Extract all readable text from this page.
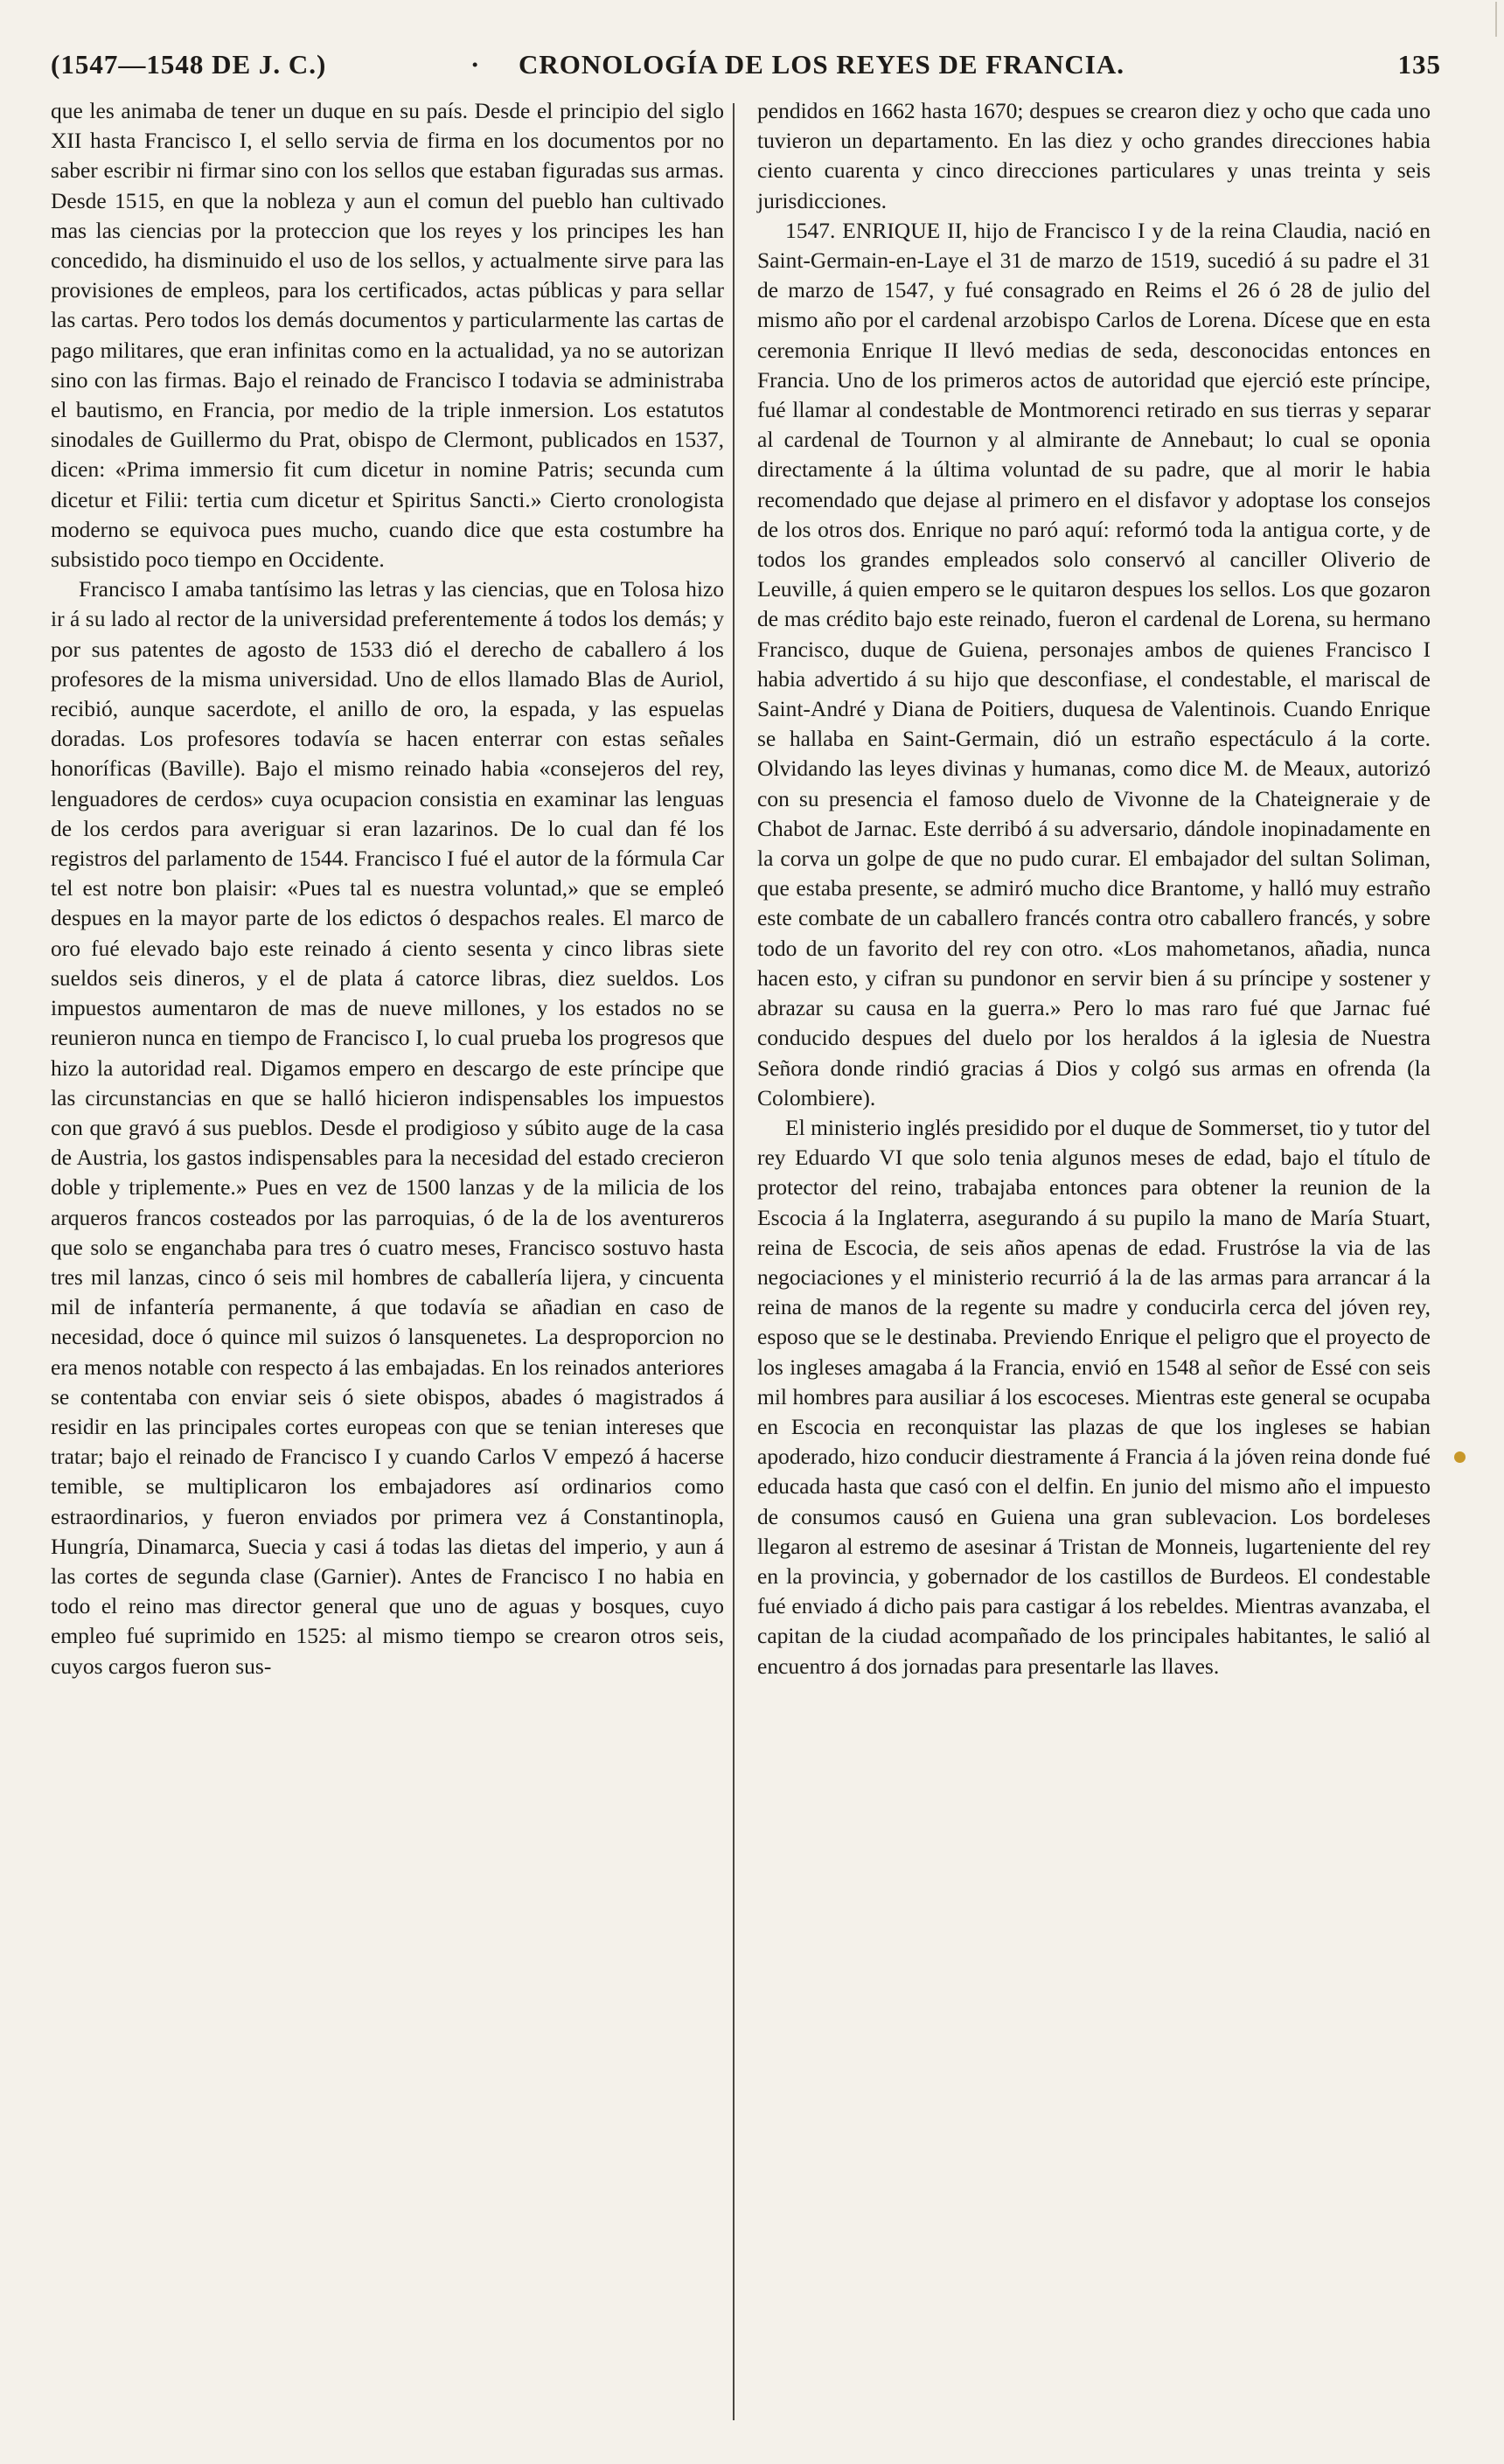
(1547—1548 DE J. C.)	· CRONOLOGÍA DE LOS REYES DE FRANCIA.	135

que les animaba de tener un duque en su país. Desde el principio del siglo XII hasta Francisco I, el sello servia de firma en los documentos por no saber escribir ni firmar sino con los sellos que estaban figuradas sus armas. Desde 1515, en que la nobleza y aun el comun del pueblo han cultivado mas las ciencias por la proteccion que los reyes y los principes les han concedido, ha disminuido el uso de los sellos, y actualmente sirve para las provisiones de empleos, para los certificados, actas públicas y para sellar las cartas. Pero todos los demás documentos y particularmente las cartas de pago militares, que eran infinitas como en la actualidad, ya no se autorizan sino con las firmas. Bajo el reinado de Francisco I todavia se administraba el bautismo, en Francia, por medio de la triple inmersion. Los estatutos sinodales de Guillermo du Prat, obispo de Clermont, publicados en 1537, dicen: «Prima immersio fit cum dicetur in nomine Patris; secunda cum dicetur et Filii: tertia cum dicetur et Spiritus Sancti.» Cierto cronologista moderno se equivoca pues mucho, cuando dice que esta costumbre ha subsistido poco tiempo en Occidente.

Francisco I amaba tantísimo las letras y las ciencias, que en Tolosa hizo ir á su lado al rector de la universidad preferentemente á todos los demás; y por sus patentes de agosto de 1533 dió el derecho de caballero á los profesores de la misma universidad. Uno de ellos llamado Blas de Auriol, recibió, aunque sacerdote, el anillo de oro, la espada, y las espuelas doradas. Los profesores todavía se hacen enterrar con estas señales honoríficas (Baville). Bajo el mismo reinado habia «consejeros del rey, lenguadores de cerdos» cuya ocupacion consistia en examinar las lenguas de los cerdos para averiguar si eran lazarinos. De lo cual dan fé los registros del parlamento de 1544. Francisco I fué el autor de la fórmula Car tel est notre bon plaisir: «Pues tal es nuestra voluntad,» que se empleó despues en la mayor parte de los edictos ó despachos reales. El marco de oro fué elevado bajo este reinado á ciento sesenta y cinco libras siete sueldos seis dineros, y el de plata á catorce libras, diez sueldos. Los impuestos aumentaron de mas de nueve millones, y los estados no se reunieron nunca en tiempo de Francisco I, lo cual prueba los progresos que hizo la autoridad real. Digamos empero en descargo de este príncipe que las circunstancias en que se halló hicieron indispensables los impuestos con que gravó á sus pueblos. Desde el prodigioso y súbito auge de la casa de Austria, los gastos indispensables para la necesidad del estado crecieron doble y triplemente.» Pues en vez de 1500 lanzas y de la milicia de los arqueros francos costeados por las parroquias, ó de la de los aventureros que solo se enganchaba para tres ó cuatro meses, Francisco sostuvo hasta tres mil lanzas, cinco ó seis mil hombres de caballería lijera, y cincuenta mil de infantería permanente, á que todavía se añadian en caso de necesidad, doce ó quince mil suizos ó lansquenetes. La desproporcion no era menos notable con respecto á las embajadas. En los reinados anteriores se contentaba con enviar seis ó siete obispos, abades ó magistrados á residir en las principales cortes europeas con que se tenian intereses que tratar; bajo el reinado de Francisco I y cuando Carlos V empezó á hacerse temible, se multiplicaron los embajadores así ordinarios como estraordinarios, y fueron enviados por primera vez á Constantinopla, Hungría, Dinamarca, Suecia y casi á todas las dietas del imperio, y aun á las cortes de segunda clase (Garnier). Antes de Francisco I no habia en todo el reino mas director general que uno de aguas y bosques, cuyo empleo fué suprimido en 1525: al mismo tiempo se crearon otros seis, cuyos cargos fueron sus-

pendidos en 1662 hasta 1670; despues se crearon diez y ocho que cada uno tuvieron un departamento. En las diez y ocho grandes direcciones habia ciento cuarenta y cinco direcciones particulares y unas treinta y seis jurisdicciones.

1547. ENRIQUE II, hijo de Francisco I y de la reina Claudia, nació en Saint-Germain-en-Laye el 31 de marzo de 1519, sucedió á su padre el 31 de marzo de 1547, y fué consagrado en Reims el 26 ó 28 de julio del mismo año por el cardenal arzobispo Carlos de Lorena. Dícese que en esta ceremonia Enrique II llevó medias de seda, desconocidas entonces en Francia. Uno de los primeros actos de autoridad que ejerció este príncipe, fué llamar al condestable de Montmorenci retirado en sus tierras y separar al cardenal de Tournon y al almirante de Annebaut; lo cual se oponia directamente á la última voluntad de su padre, que al morir le habia recomendado que dejase al primero en el disfavor y adoptase los consejos de los otros dos. Enrique no paró aquí: reformó toda la antigua corte, y de todos los grandes empleados solo conservó al canciller Oliverio de Leuville, á quien empero se le quitaron despues los sellos. Los que gozaron de mas crédito bajo este reinado, fueron el cardenal de Lorena, su hermano Francisco, duque de Guiena, personajes ambos de quienes Francisco I habia advertido á su hijo que desconfiase, el condestable, el mariscal de Saint-André y Diana de Poitiers, duquesa de Valentinois. Cuando Enrique se hallaba en Saint-Germain, dió un estraño espectáculo á la corte. Olvidando las leyes divinas y humanas, como dice M. de Meaux, autorizó con su presencia el famoso duelo de Vivonne de la Chateigneraie y de Chabot de Jarnac. Este derribó á su adversario, dándole inopinadamente en la corva un golpe de que no pudo curar. El embajador del sultan Soliman, que estaba presente, se admiró mucho dice Brantome, y halló muy estraño este combate de un caballero francés contra otro caballero francés, y sobre todo de un favorito del rey con otro. «Los mahometanos, añadia, nunca hacen esto, y cifran su pundonor en servir bien á su príncipe y sostener y abrazar su causa en la guerra.» Pero lo mas raro fué que Jarnac fué conducido despues del duelo por los heraldos á la iglesia de Nuestra Señora donde rindió gracias á Dios y colgó sus armas en ofrenda (la Colombiere).

El ministerio inglés presidido por el duque de Sommerset, tio y tutor del rey Eduardo VI que solo tenia algunos meses de edad, bajo el título de protector del reino, trabajaba entonces para obtener la reunion de la Escocia á la Inglaterra, asegurando á su pupilo la mano de María Stuart, reina de Escocia, de seis años apenas de edad. Frustróse la via de las negociaciones y el ministerio recurrió á la de las armas para arrancar á la reina de manos de la regente su madre y conducirla cerca del jóven rey, esposo que se le destinaba. Previendo Enrique el peligro que el proyecto de los ingleses amagaba á la Francia, envió en 1548 al señor de Essé con seis mil hombres para ausiliar á los escoceses. Mientras este general se ocupaba en Escocia en reconquistar las plazas de que los ingleses se habian apoderado, hizo conducir diestramente á Francia á la jóven reina donde fué educada hasta que casó con el delfin. En junio del mismo año el impuesto de consumos causó en Guiena una gran sublevacion. Los bordeleses llegaron al estremo de asesinar á Tristan de Monneis, lugarteniente del rey en la provincia, y gobernador de los castillos de Burdeos. El condestable fué enviado á dicho pais para castigar á los rebeldes. Mientras avanzaba, el capitan de la ciudad acompañado de los principales habitantes, le salió al encuentro á dos jornadas para presentarle las llaves.
